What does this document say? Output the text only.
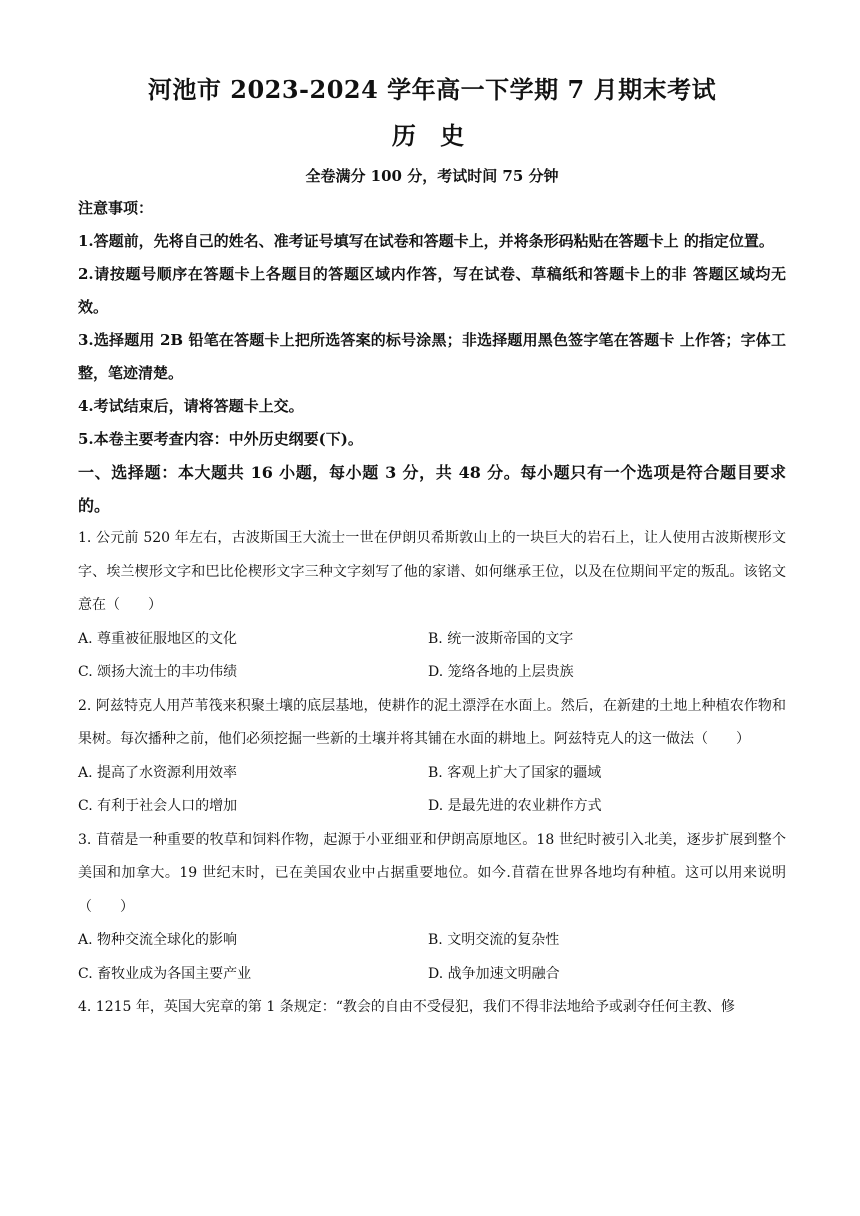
河池市 2023-2024 学年高一下学期 7 月期末考试
历 史
全卷满分 100 分，考试时间 75 分钟
注意事项：
1.答题前，先将自己的姓名、准考证号填写在试卷和答题卡上，并将条形码粘贴在答题卡上 的指定位置。
2.请按题号顺序在答题卡上各题目的答题区域内作答，写在试卷、草稿纸和答题卡上的非 答题区域均无效。
3.选择题用 2B 铅笔在答题卡上把所选答案的标号涂黑；非选择题用黑色签字笔在答题卡 上作答；字体工整，笔迹清楚。
4.考试结束后，请将答题卡上交。
5.本卷主要考查内容：中外历史纲要(下)。
一、选择题：本大题共 16 小题，每小题 3 分，共 48 分。每小题只有一个选项是符合题目要求的。
1. 公元前 520 年左右，古波斯国王大流士一世在伊朗贝希斯敦山上的一块巨大的岩石上，让人使用古波斯楔形文字、埃兰楔形文字和巴比伦楔形文字三种文字刻写了他的家谱、如何继承王位，以及在位期间平定的叛乱。该铭文意在（　　）
A. 尊重被征服地区的文化	B. 统一波斯帝国的文字
C. 颂扬大流士的丰功伟绩	D. 笼络各地的上层贵族
2. 阿兹特克人用芦苇筏来积聚土壤的底层基地，使耕作的泥土漂浮在水面上。然后，在新建的土地上种植农作物和果树。每次播种之前，他们必须挖掘一些新的土壤并将其铺在水面的耕地上。阿兹特克人的这一做法（　　）
A. 提高了水资源利用效率	B. 客观上扩大了国家的疆域
C. 有利于社会人口的增加	D. 是最先进的农业耕作方式
3. 苜蓿是一种重要的牧草和饲料作物，起源于小亚细亚和伊朗高原地区。18 世纪时被引入北美，逐步扩展到整个美国和加拿大。19 世纪末时，已在美国农业中占据重要地位。如今.苜蓿在世界各地均有种植。这可以用来说明（　　）
A. 物种交流全球化的影响	B. 文明交流的复杂性
C. 畜牧业成为各国主要产业	D. 战争加速文明融合
4. 1215 年，英国大宪章的第 1 条规定：“教会的自由不受侵犯，我们不得非法地给予或剥夺任何主教、修
